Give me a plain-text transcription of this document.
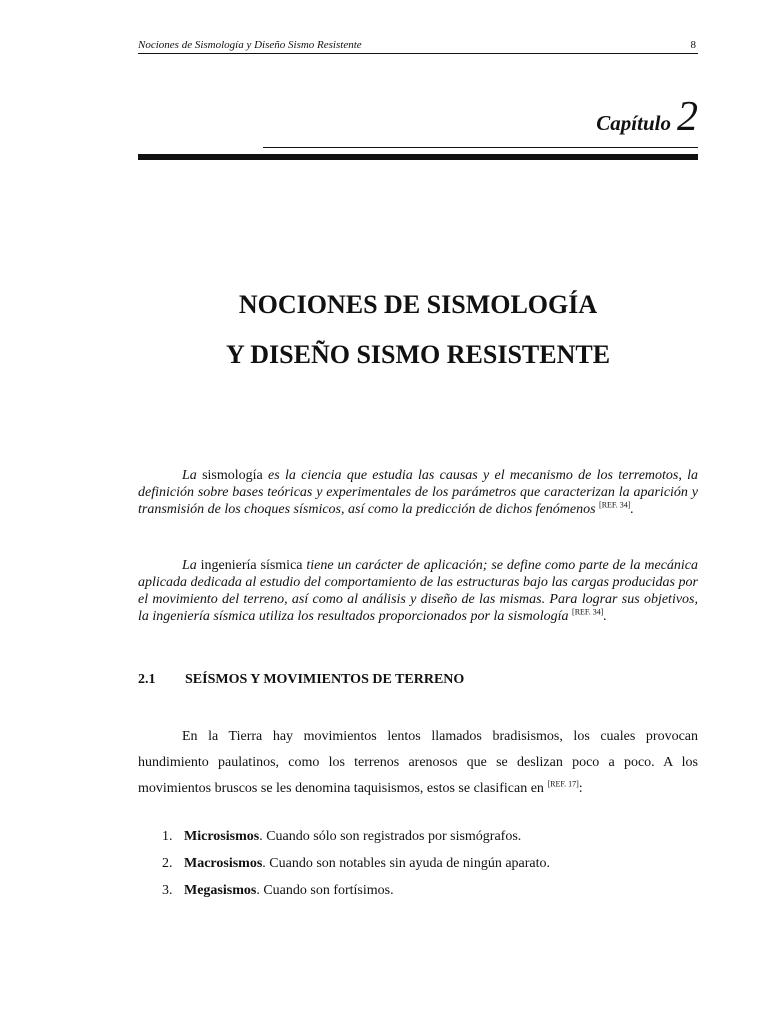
Nociones de Sismología y Diseño Sismo Resistente	8
Capítulo 2
NOCIONES DE SISMOLOGÍA
Y DISEÑO SISMO RESISTENTE
La sismología es la ciencia que estudia las causas y el mecanismo de los terremotos, la definición sobre bases teóricas y experimentales de los parámetros que caracterizan la aparición y transmisión de los choques sísmicos, así como la predicción de dichos fenómenos [REF. 34].
La ingeniería sísmica tiene un carácter de aplicación; se define como parte de la mecánica aplicada dedicada al estudio del comportamiento de las estructuras bajo las cargas producidas por el movimiento del terreno, así como al análisis y diseño de las mismas. Para lograr sus objetivos, la ingeniería sísmica utiliza los resultados proporcionados por la sismología [REF. 34].
2.1 SEÍSMOS Y MOVIMIENTOS DE TERRENO
En la Tierra hay movimientos lentos llamados bradisismos, los cuales provocan hundimiento paulatinos, como los terrenos arenosos que se deslizan poco a poco. A los movimientos bruscos se les denomina taquisismos, estos se clasifican en [REF. 17]:
1. Microsismos. Cuando sólo son registrados por sismógrafos.
2. Macrosismos. Cuando son notables sin ayuda de ningún aparato.
3. Megasismos. Cuando son fortísimos.
